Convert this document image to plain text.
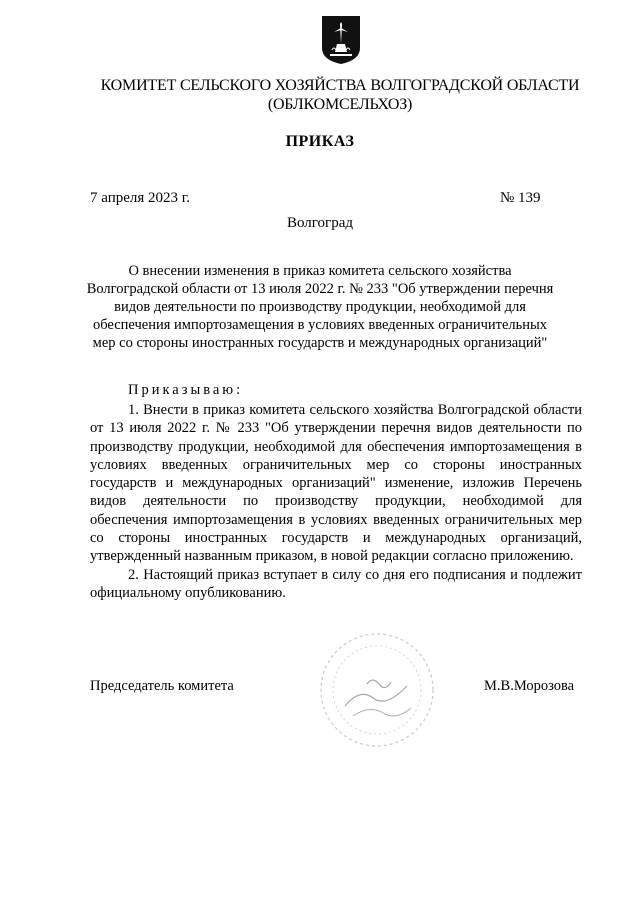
КОМИТЕТ СЕЛЬСКОГО ХОЗЯЙСТВА ВОЛГОГРАДСКОЙ ОБЛАСТИ
(ОБЛКОМСЕЛЬХОЗ)
ПРИКАЗ
7 апреля 2023 г.	№ 139
Волгоград
О внесении изменения в приказ комитета сельского хозяйства
Волгоградской области от 13 июля 2022 г. № 233 "Об утверждении перечня
видов деятельности по производству продукции, необходимой для
обеспечения импортозамещения в условиях введенных ограничительных
мер со стороны иностранных государств и международных организаций"
Приказываю:

1. Внести в приказ комитета сельского хозяйства Волгоградской области от 13 июля 2022 г. № 233 "Об утверждении перечня видов деятельности по производству продукции, необходимой для обеспечения импортозамещения в условиях введенных ограничительных мер со стороны иностранных государств и международных организаций" изменение, изложив Перечень видов деятельности по производству продукции, необходимой для обеспечения импортозамещения в условиях введенных ограничительных мер со стороны иностранных государств и международных организаций, утвержденный названным приказом, в новой редакции согласно приложению.

2. Настоящий приказ вступает в силу со дня его подписания и подлежит официальному опубликованию.

Председатель комитета	М.В.Морозова
